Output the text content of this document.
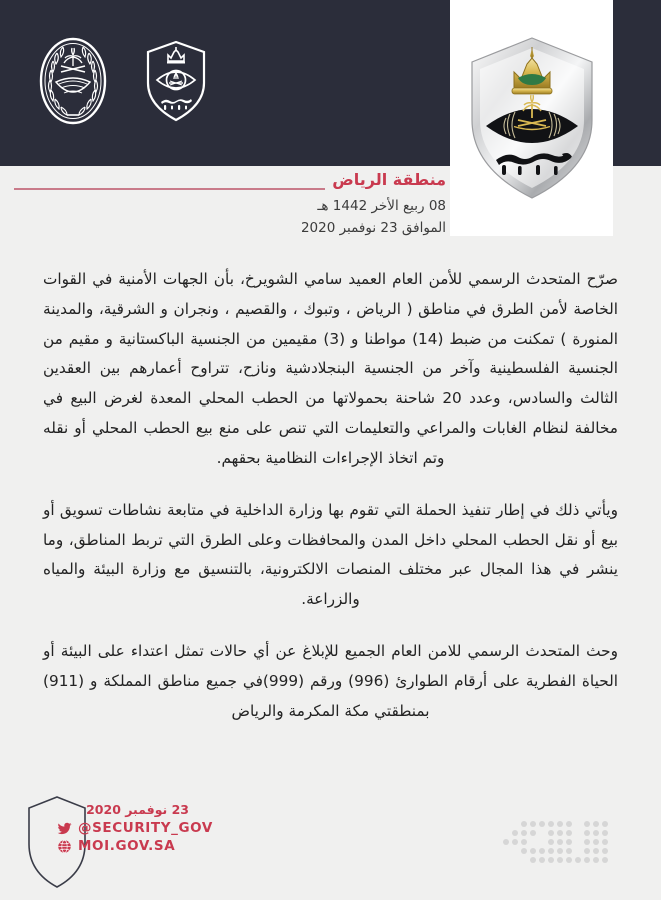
منطقة الرياض
08 ربيع الأخر 1442 هـ
الموافق 23 نوفمبر 2020

صرّح المتحدث الرسمي للأمن العام العميد سامي الشويرخ، بأن الجهات الأمنية في القوات الخاصة لأمن الطرق في مناطق ( الرياض ، وتبوك ، والقصيم ، ونجران و الشرقية، والمدينة المنورة ) تمكنت من ضبط (14) مواطنا و (3) مقيمين من الجنسية الباكستانية و مقيم من الجنسية الفلسطينية وآخر من الجنسية البنجلادشية ونازح، تتراوح أعمارهم بين العقدين الثالث والسادس، وعدد 20 شاحنة بحمولاتها من الحطب المحلي المعدة لغرض البيع في مخالفة لنظام الغابات والمراعي والتعليمات التي تنص على منع بيع الحطب المحلي أو نقله وتم اتخاذ الإجراءات النظامية بحقهم.

ويأتي ذلك في إطار تنفيذ الحملة التي تقوم بها وزارة الداخلية في متابعة نشاطات تسويق أو بيع أو نقل الحطب المحلي داخل المدن والمحافظات وعلى الطرق التي تربط المناطق، وما ينشر في هذا المجال عبر مختلف المنصات الالكترونية، بالتنسيق مع وزارة البيئة والمياه والزراعة.

وحث المتحدث الرسمي للامن العام الجميع للإبلاغ عن أي حالات تمثل اعتداء على البيئة أو الحياة الفطرية على أرقام الطوارئ (996) ورقم (999)في جميع مناطق المملكة و (911) بمنطقتي مكة المكرمة والرياض

23 نوفمبر 2020
@SECURITY_GOV
MOI.GOV.SA
